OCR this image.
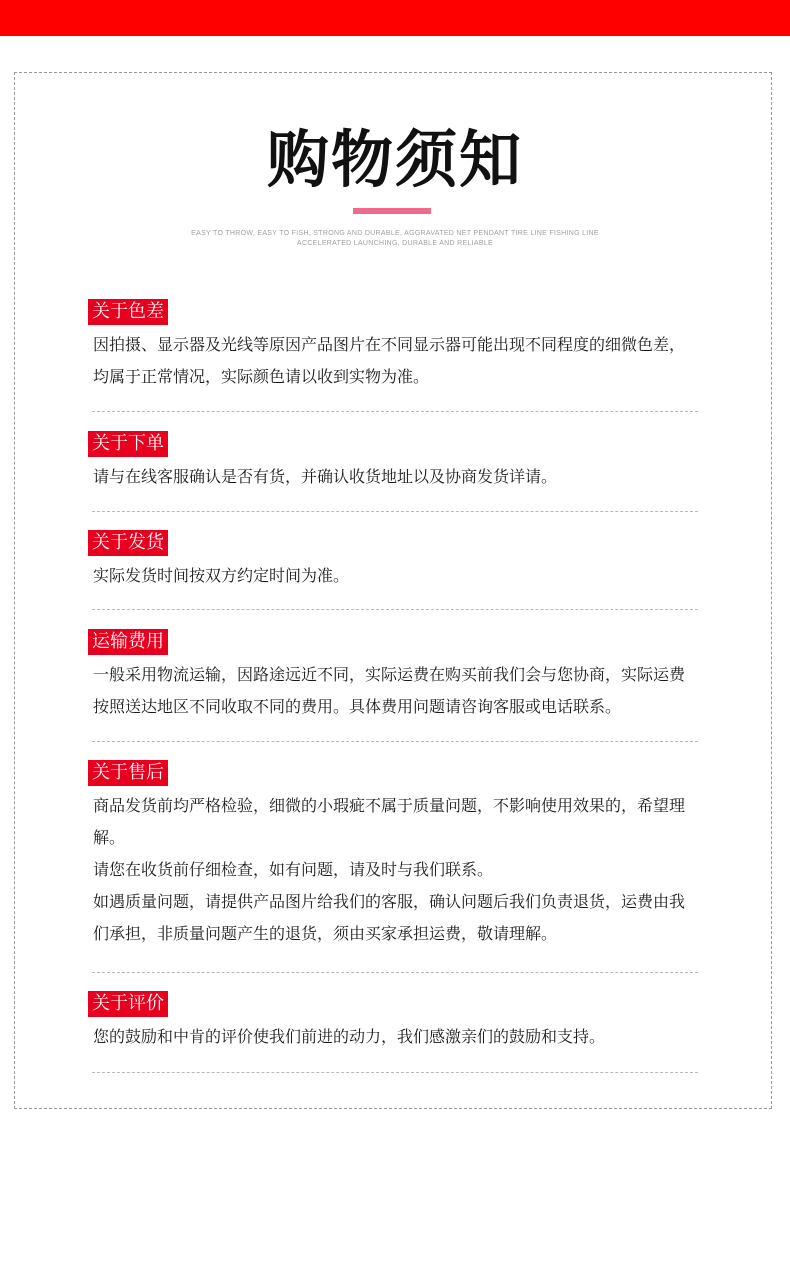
购物须知
EASY TO THROW, EASY TO FISH, STRONG AND DURABLE, AGGRAVATED NET PENDANT TIRE LINE FISHING LINE
ACCELERATED LAUNCHING, DURABLE AND RELIABLE
关于色差

因拍摄、显示器及光线等原因产品图片在不同显示器可能出现不同程度的细微色差，均属于正常情况，实际颜色请以收到实物为准。

关于下单

请与在线客服确认是否有货，并确认收货地址以及协商发货详请。

关于发货

实际发货时间按双方约定时间为准。

运输费用

一般采用物流运输，因路途远近不同，实际运费在购买前我们会与您协商，实际运费按照送达地区不同收取不同的费用。具体费用问题请咨询客服或电话联系。

关于售后

商品发货前均严格检验，细微的小瑕疵不属于质量问题，不影响使用效果的，希望理解。

请您在收货前仔细检查，如有问题，请及时与我们联系。

如遇质量问题，请提供产品图片给我们的客服，确认问题后我们负责退货，运费由我们承担，非质量问题产生的退货，须由买家承担运费，敬请理解。

关于评价

您的鼓励和中肯的评价使我们前进的动力，我们感激亲们的鼓励和支持。
